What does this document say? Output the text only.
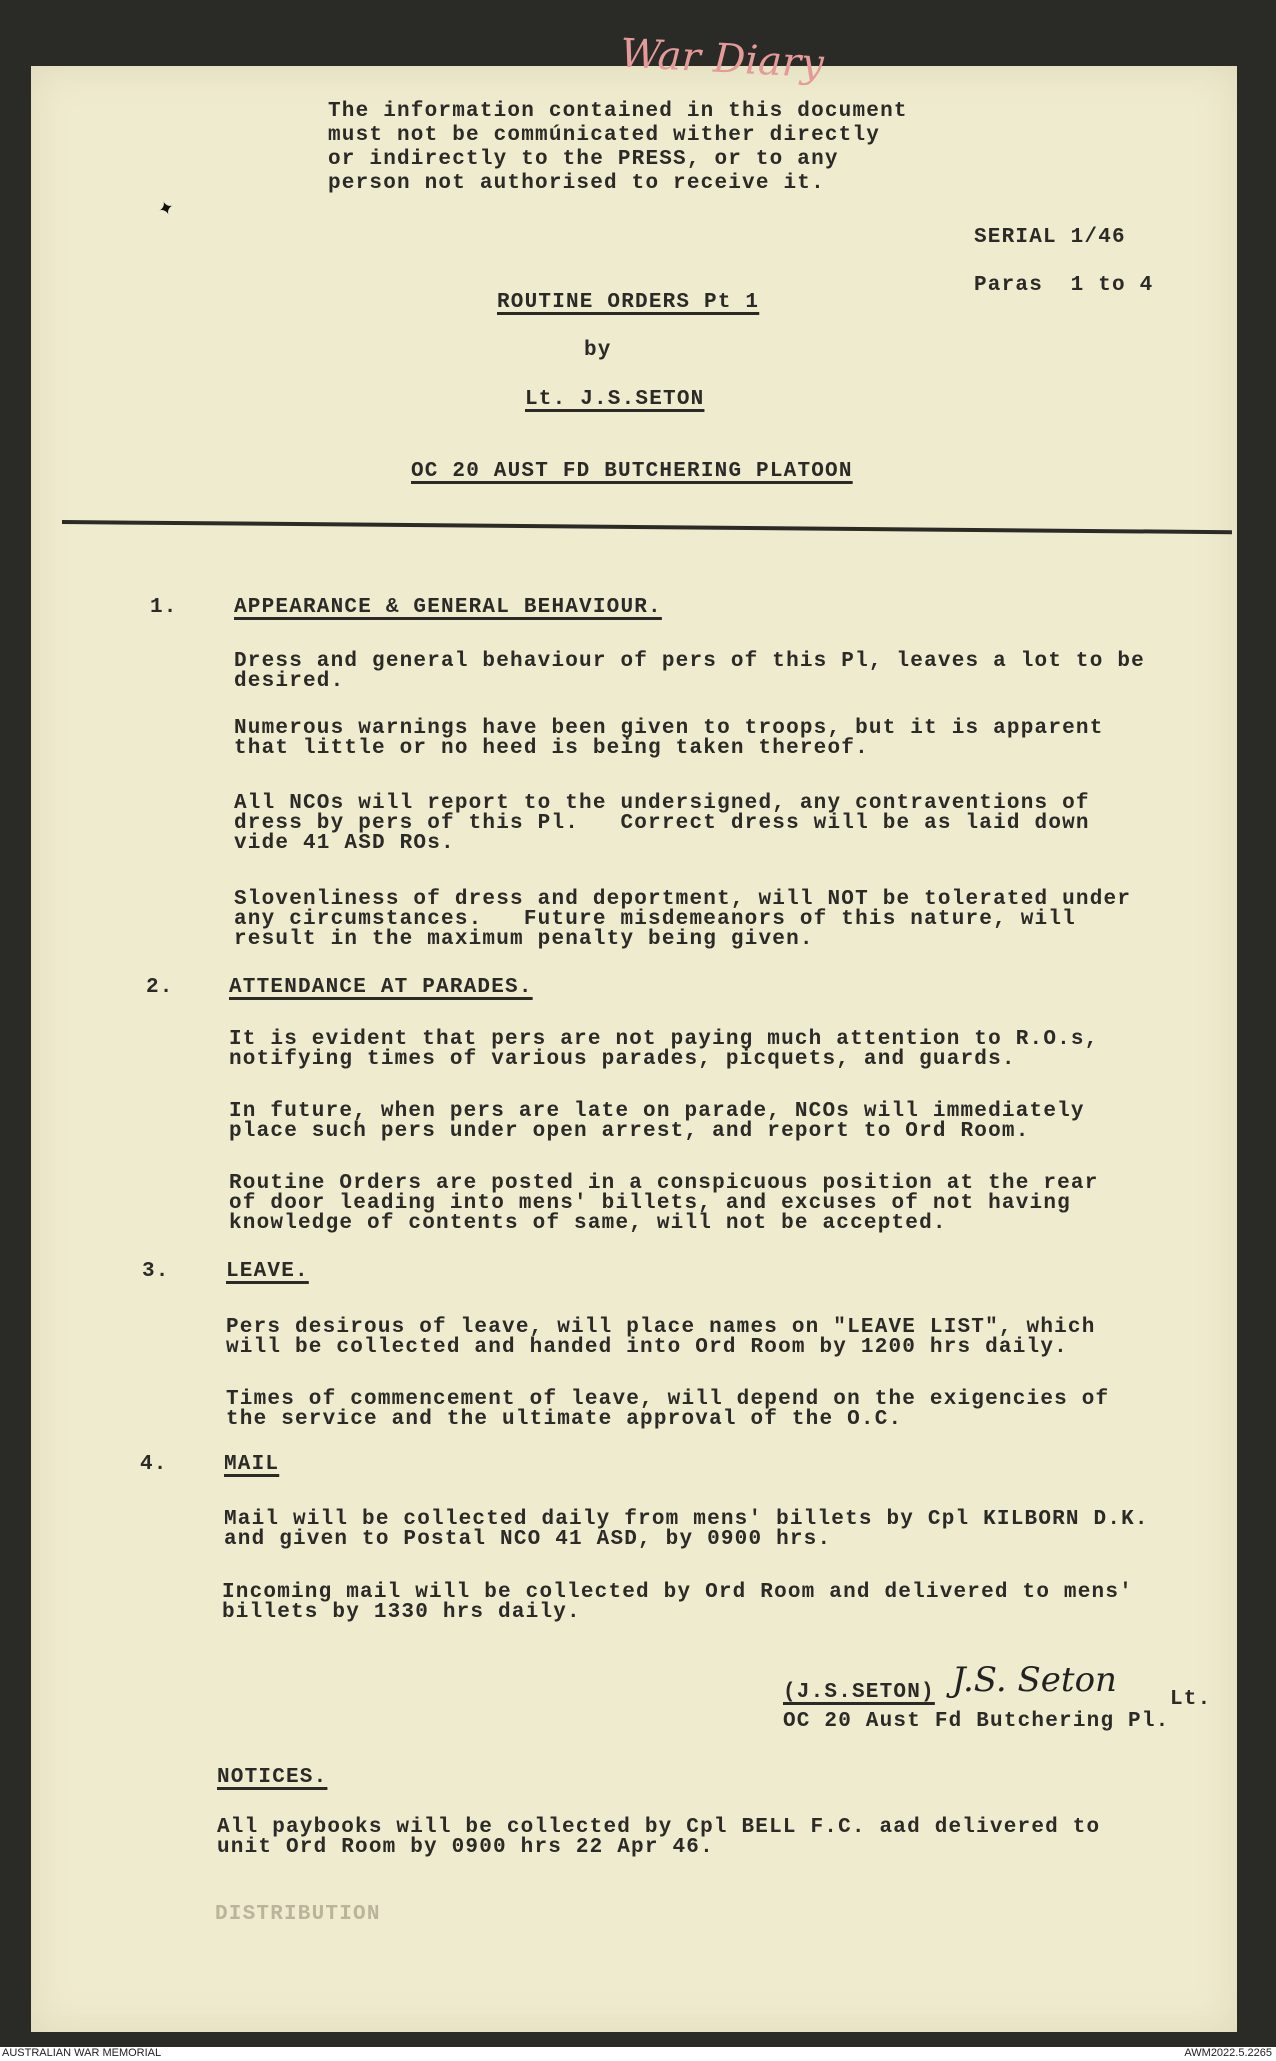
War Diary
✦
The information contained in this document
must not be commúnicated wither directly
or indirectly to the PRESS, or to any
person not authorised to receive it.
SERIAL 1/46
Paras  1 to 4
ROUTINE ORDERS Pt 1
by
Lt. J.S.SETON
OC 20 AUST FD BUTCHERING PLATOON
1.	APPEARANCE & GENERAL BEHAVIOUR.
Dress and general behaviour of pers of this Pl, leaves a lot to be
desired.
Numerous warnings have been given to troops, but it is apparent
that little or no heed is being taken thereof.
All NCOs will report to the undersigned, any contraventions of
dress by pers of this Pl.   Correct dress will be as laid down
vide 41 ASD ROs.
Slovenliness of dress and deportment, will NOT be tolerated under
any circumstances.   Future misdemeanors of this nature, will
result in the maximum penalty being given.
2.	ATTENDANCE AT PARADES.
It is evident that pers are not paying much attention to R.O.s,
notifying times of various parades, picquets, and guards.
In future, when pers are late on parade, NCOs will immediately
place such pers under open arrest, and report to Ord Room.
Routine Orders are posted in a conspicuous position at the rear
of door leading into mens' billets, and excuses of not having
knowledge of contents of same, will not be accepted.
3.	LEAVE.
Pers desirous of leave, will place names on "LEAVE LIST", which
will be collected and handed into Ord Room by 1200 hrs daily.
Times of commencement of leave, will depend on the exigencies of
the service and the ultimate approval of the O.C.
4.	MAIL
Mail will be collected daily from mens' billets by Cpl KILBORN D.K.
and given to Postal NCO 41 ASD, by 0900 hrs.
Incoming mail will be collected by Ord Room and delivered to mens'
billets by 1330 hrs daily.
(J.S.SETON) J.S. Seton	Lt.
OC 20 Aust Fd Butchering Pl.
NOTICES.
All paybooks will be collected by Cpl BELL F.C. aad delivered to
unit Ord Room by 0900 hrs 22 Apr 46.
DISTRIBUTION
AUSTRALIAN WAR MEMORIAL	AWM2022.5.2265
